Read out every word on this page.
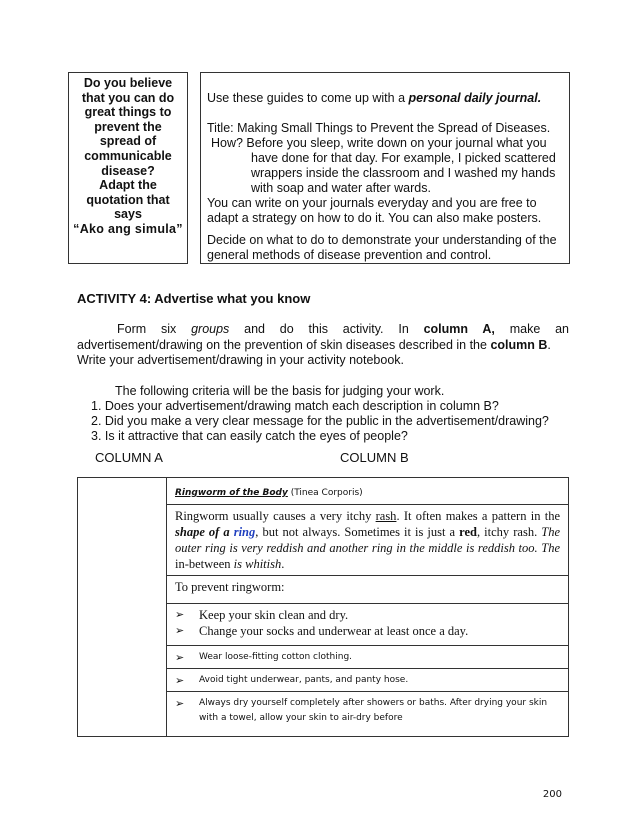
Do you believe
that you can do
great things to
prevent the
spread of
communicable
disease?
Adapt the
quotation that
says
“Ako ang simula”

Use these guides to come up with a personal daily journal.

Title: Making Small Things to Prevent the Spread of Diseases.

How? Before you sleep, write down on your journal what you

have done for that day. For example, I picked scattered

wrappers inside the classroom and I washed my hands

with soap and water after wards.

You can write on your journals everyday and you are free to

adapt a strategy on how to do it. You can also make posters.

Decide on what to do to demonstrate your understanding of the

general methods of disease prevention and control.

ACTIVITY 4: Advertise what you know
Form six groups and do this activity. In column A, make an
advertisement/drawing on the prevention of skin diseases described in the column B.
Write your advertisement/drawing in your activity notebook.
The following criteria will be the basis for judging your work.
1. Does your advertisement/drawing match each description in column B?
2. Did you make a very clear message for the public in the advertisement/drawing?
3. Is it attractive that can easily catch the eyes of people?
COLUMN A	COLUMN B

Ringworm of the Body (Tinea Corporis)
Ringworm usually causes a very itchy rash. It often makes a pattern in the shape of a ring, but not always. Sometimes it is just a red, itchy rash. The outer ring is very reddish and another ring in the middle is reddish too. The in-between is whitish.
To prevent ringworm:
➢	Keep your skin clean and dry.
➢	Change your socks and underwear at least once a day.
➢	Wear loose-fitting cotton clothing.
➢	Avoid tight underwear, pants, and panty hose.
➢	Always dry yourself completely after showers or baths. After drying your skin with a towel, allow your skin to air-dry before
200
